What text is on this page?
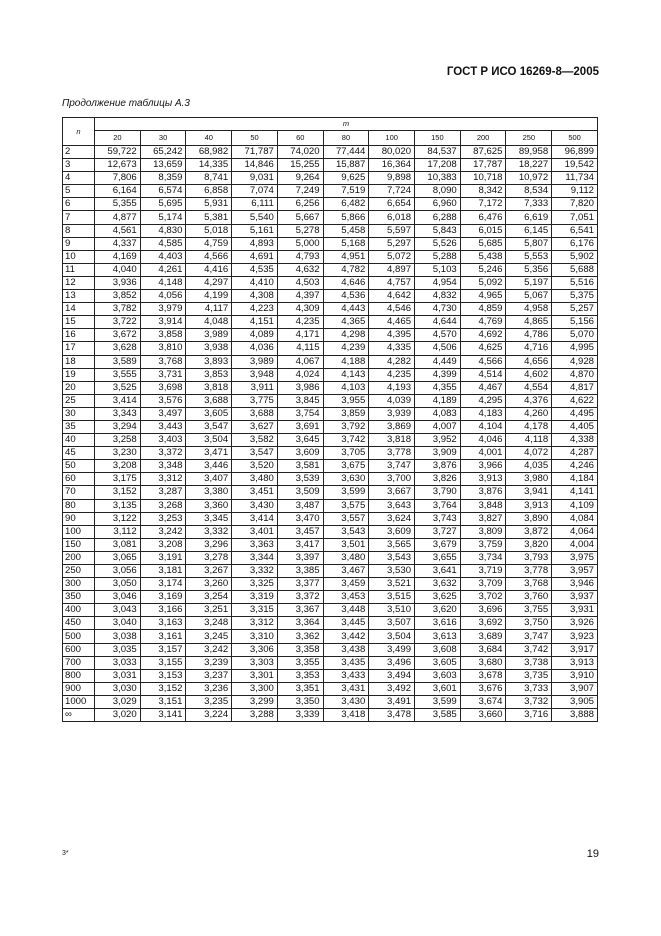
ГОСТ Р ИСО 16269-8—2005
Продолжение таблицы А.3
n	m										
	20	30	40	50	60	80	100	150	200	250	500
2	59,722	65,242	68,982	71,787	74,020	77,444	80,020	84,537	87,625	89,958	96,899
3	12,673	13,659	14,335	14,846	15,255	15,887	16,364	17,208	17,787	18,227	19,542
4	7,806	8,359	8,741	9,031	9,264	9,625	9,898	10,383	10,718	10,972	11,734
5	6,164	6,574	6,858	7,074	7,249	7,519	7,724	8,090	8,342	8,534	9,112
6	5,355	5,695	5,931	6,111	6,256	6,482	6,654	6,960	7,172	7,333	7,820
7	4,877	5,174	5,381	5,540	5,667	5,866	6,018	6,288	6,476	6,619	7,051
8	4,561	4,830	5,018	5,161	5,278	5,458	5,597	5,843	6,015	6,145	6,541
9	4,337	4,585	4,759	4,893	5,000	5,168	5,297	5,526	5,685	5,807	6,176
10	4,169	4,403	4,566	4,691	4,793	4,951	5,072	5,288	5,438	5,553	5,902
11	4,040	4,261	4,416	4,535	4,632	4,782	4,897	5,103	5,246	5,356	5,688
12	3,936	4,148	4,297	4,410	4,503	4,646	4,757	4,954	5,092	5,197	5,516
13	3,852	4,056	4,199	4,308	4,397	4,536	4,642	4,832	4,965	5,067	5,375
14	3,782	3,979	4,117	4,223	4,309	4,443	4,546	4,730	4,859	4,958	5,257
15	3,722	3,914	4,048	4,151	4,235	4,365	4,465	4,644	4,769	4,865	5,156
16	3,672	3,858	3,989	4,089	4,171	4,298	4,395	4,570	4,692	4,786	5,070
17	3,628	3,810	3,938	4,036	4,115	4,239	4,335	4,506	4,625	4,716	4,995
18	3,589	3,768	3,893	3,989	4,067	4,188	4,282	4,449	4,566	4,656	4,928
19	3,555	3,731	3,853	3,948	4,024	4,143	4,235	4,399	4,514	4,602	4,870
20	3,525	3,698	3,818	3,911	3,986	4,103	4,193	4,355	4,467	4,554	4,817
25	3,414	3,576	3,688	3,775	3,845	3,955	4,039	4,189	4,295	4,376	4,622
30	3,343	3,497	3,605	3,688	3,754	3,859	3,939	4,083	4,183	4,260	4,495
35	3,294	3,443	3,547	3,627	3,691	3,792	3,869	4,007	4,104	4,178	4,405
40	3,258	3,403	3,504	3,582	3,645	3,742	3,818	3,952	4,046	4,118	4,338
45	3,230	3,372	3,471	3,547	3,609	3,705	3,778	3,909	4,001	4,072	4,287
50	3,208	3,348	3,446	3,520	3,581	3,675	3,747	3,876	3,966	4,035	4,246
60	3,175	3,312	3,407	3,480	3,539	3,630	3,700	3,826	3,913	3,980	4,184
70	3,152	3,287	3,380	3,451	3,509	3,599	3,667	3,790	3,876	3,941	4,141
80	3,135	3,268	3,360	3,430	3,487	3,575	3,643	3,764	3,848	3,913	4,109
90	3,122	3,253	3,345	3,414	3,470	3,557	3,624	3,743	3,827	3,890	4,084
100	3,112	3,242	3,332	3,401	3,457	3,543	3,609	3,727	3,809	3,872	4,064
150	3,081	3,208	3,296	3,363	3,417	3,501	3,565	3,679	3,759	3,820	4,004
200	3,065	3,191	3,278	3,344	3,397	3,480	3,543	3,655	3,734	3,793	3,975
250	3,056	3,181	3,267	3,332	3,385	3,467	3,530	3,641	3,719	3,778	3,957
300	3,050	3,174	3,260	3,325	3,377	3,459	3,521	3,632	3,709	3,768	3,946
350	3,046	3,169	3,254	3,319	3,372	3,453	3,515	3,625	3,702	3,760	3,937
400	3,043	3,166	3,251	3,315	3,367	3,448	3,510	3,620	3,696	3,755	3,931
450	3,040	3,163	3,248	3,312	3,364	3,445	3,507	3,616	3,692	3,750	3,926
500	3,038	3,161	3,245	3,310	3,362	3,442	3,504	3,613	3,689	3,747	3,923
600	3,035	3,157	3,242	3,306	3,358	3,438	3,499	3,608	3,684	3,742	3,917
700	3,033	3,155	3,239	3,303	3,355	3,435	3,496	3,605	3,680	3,738	3,913
800	3,031	3,153	3,237	3,301	3,353	3,433	3,494	3,603	3,678	3,735	3,910
900	3,030	3,152	3,236	3,300	3,351	3,431	3,492	3,601	3,676	3,733	3,907
1000	3,029	3,151	3,235	3,299	3,350	3,430	3,491	3,599	3,674	3,732	3,905
∞	3,020	3,141	3,224	3,288	3,339	3,418	3,478	3,585	3,660	3,716	3,888
3*	19
